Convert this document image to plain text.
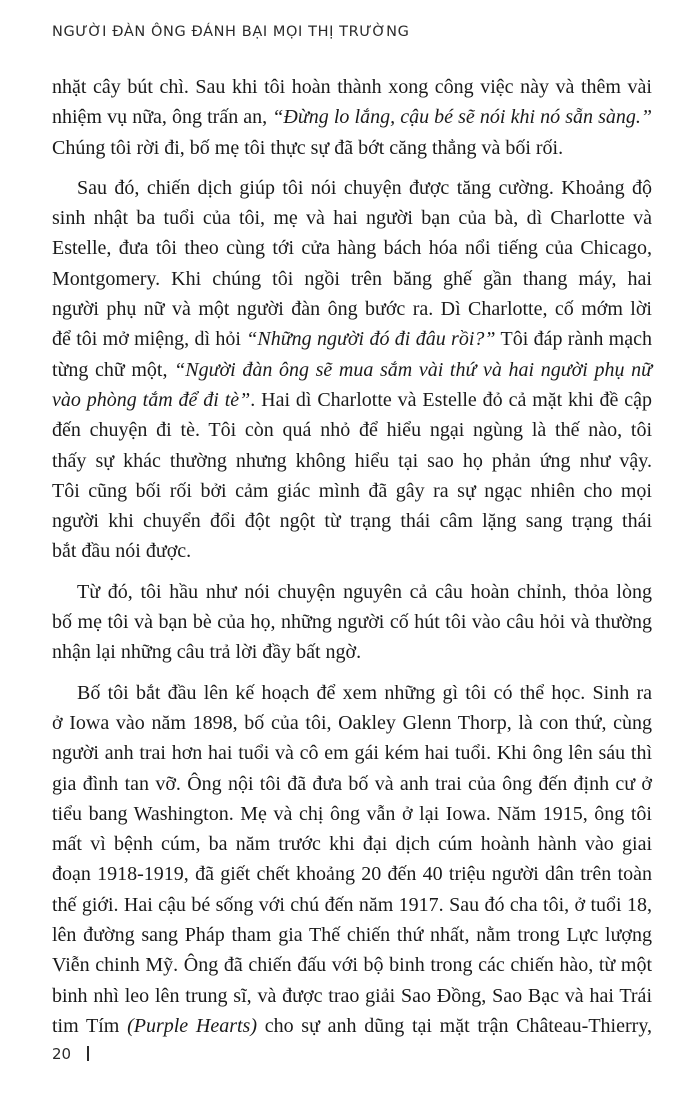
NGƯỜI ĐÀN ÔNG ĐÁNH BẠI MỌI THỊ TRƯỜNG
nhặt cây bút chì. Sau khi tôi hoàn thành xong công việc này và thêm vài
nhiệm vụ nữa, ông trấn an, “Đừng lo lắng, cậu bé sẽ nói khi nó sẵn sàng.”
Chúng tôi rời đi, bố mẹ tôi thực sự đã bớt căng thẳng và bối rối.
Sau đó, chiến dịch giúp tôi nói chuyện được tăng cường. Khoảng độ
sinh nhật ba tuổi của tôi, mẹ và hai người bạn của bà, dì Charlotte và
Estelle, đưa tôi theo cùng tới cửa hàng bách hóa nổi tiếng của Chicago,
Montgomery. Khi chúng tôi ngồi trên băng ghế gần thang máy, hai
người phụ nữ và một người đàn ông bước ra. Dì Charlotte, cố mớm lời
để tôi mở miệng, dì hỏi “Những người đó đi đâu rồi?” Tôi đáp rành mạch
từng chữ một, “Người đàn ông sẽ mua sắm vài thứ và hai người phụ nữ
vào phòng tắm để đi tè”. Hai dì Charlotte và Estelle đỏ cả mặt khi đề cập
đến chuyện đi tè. Tôi còn quá nhỏ để hiểu ngại ngùng là thế nào, tôi
thấy sự khác thường nhưng không hiểu tại sao họ phản ứng như vậy.
Tôi cũng bối rối bởi cảm giác mình đã gây ra sự ngạc nhiên cho mọi
người khi chuyển đổi đột ngột từ trạng thái câm lặng sang trạng thái
bắt đầu nói được.
Từ đó, tôi hầu như nói chuyện nguyên cả câu hoàn chỉnh, thỏa lòng
bố mẹ tôi và bạn bè của họ, những người cố hút tôi vào câu hỏi và thường
nhận lại những câu trả lời đầy bất ngờ.
Bố tôi bắt đầu lên kế hoạch để xem những gì tôi có thể học. Sinh ra
ở Iowa vào năm 1898, bố của tôi, Oakley Glenn Thorp, là con thứ, cùng
người anh trai hơn hai tuổi và cô em gái kém hai tuổi. Khi ông lên sáu thì
gia đình tan vỡ. Ông nội tôi đã đưa bố và anh trai của ông đến định cư ở
tiểu bang Washington. Mẹ và chị ông vẫn ở lại Iowa. Năm 1915, ông tôi
mất vì bệnh cúm, ba năm trước khi đại dịch cúm hoành hành vào giai
đoạn 1918-1919, đã giết chết khoảng 20 đến 40 triệu người dân trên toàn
thế giới. Hai cậu bé sống với chú đến năm 1917. Sau đó cha tôi, ở tuổi 18,
lên đường sang Pháp tham gia Thế chiến thứ nhất, nằm trong Lực lượng
Viễn chinh Mỹ. Ông đã chiến đấu với bộ binh trong các chiến hào, từ một
binh nhì leo lên trung sĩ, và được trao giải Sao Đồng, Sao Bạc và hai Trái
tim Tím (Purple Hearts) cho sự anh dũng tại mặt trận Château-Thierry,
20
